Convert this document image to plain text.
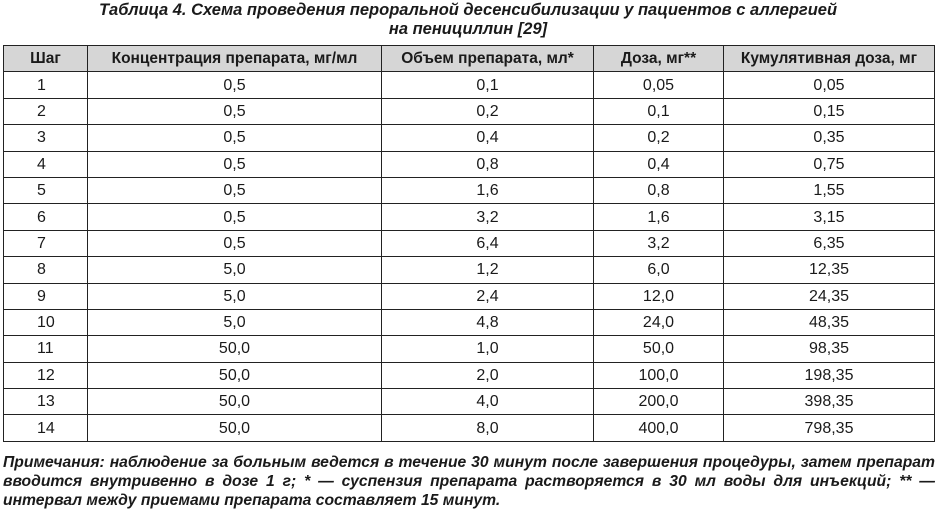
Таблица 4. Схема проведения пероральной десенсибилизации у пациентов с аллергией
на пенициллин [29]
Шаг	Концентрация препарата, мг/мл	Объем препарата, мл*	Доза, мг**	Кумулятивная доза, мг
1	0,5	0,1	0,05	0,05
2	0,5	0,2	0,1	0,15
3	0,5	0,4	0,2	0,35
4	0,5	0,8	0,4	0,75
5	0,5	1,6	0,8	1,55
6	0,5	3,2	1,6	3,15
7	0,5	6,4	3,2	6,35
8	5,0	1,2	6,0	12,35
9	5,0	2,4	12,0	24,35
10	5,0	4,8	24,0	48,35
11	50,0	1,0	50,0	98,35
12	50,0	2,0	100,0	198,35
13	50,0	4,0	200,0	398,35
14	50,0	8,0	400,0	798,35
Примечания: наблюдение за больным ведется в течение 30 минут после завершения процедуры, затем препарат вводится внутривенно в дозе 1 г; * — суспензия препарата растворяется в 30 мл воды для инъекций; ** — интервал между приемами препарата составляет 15 минут.
